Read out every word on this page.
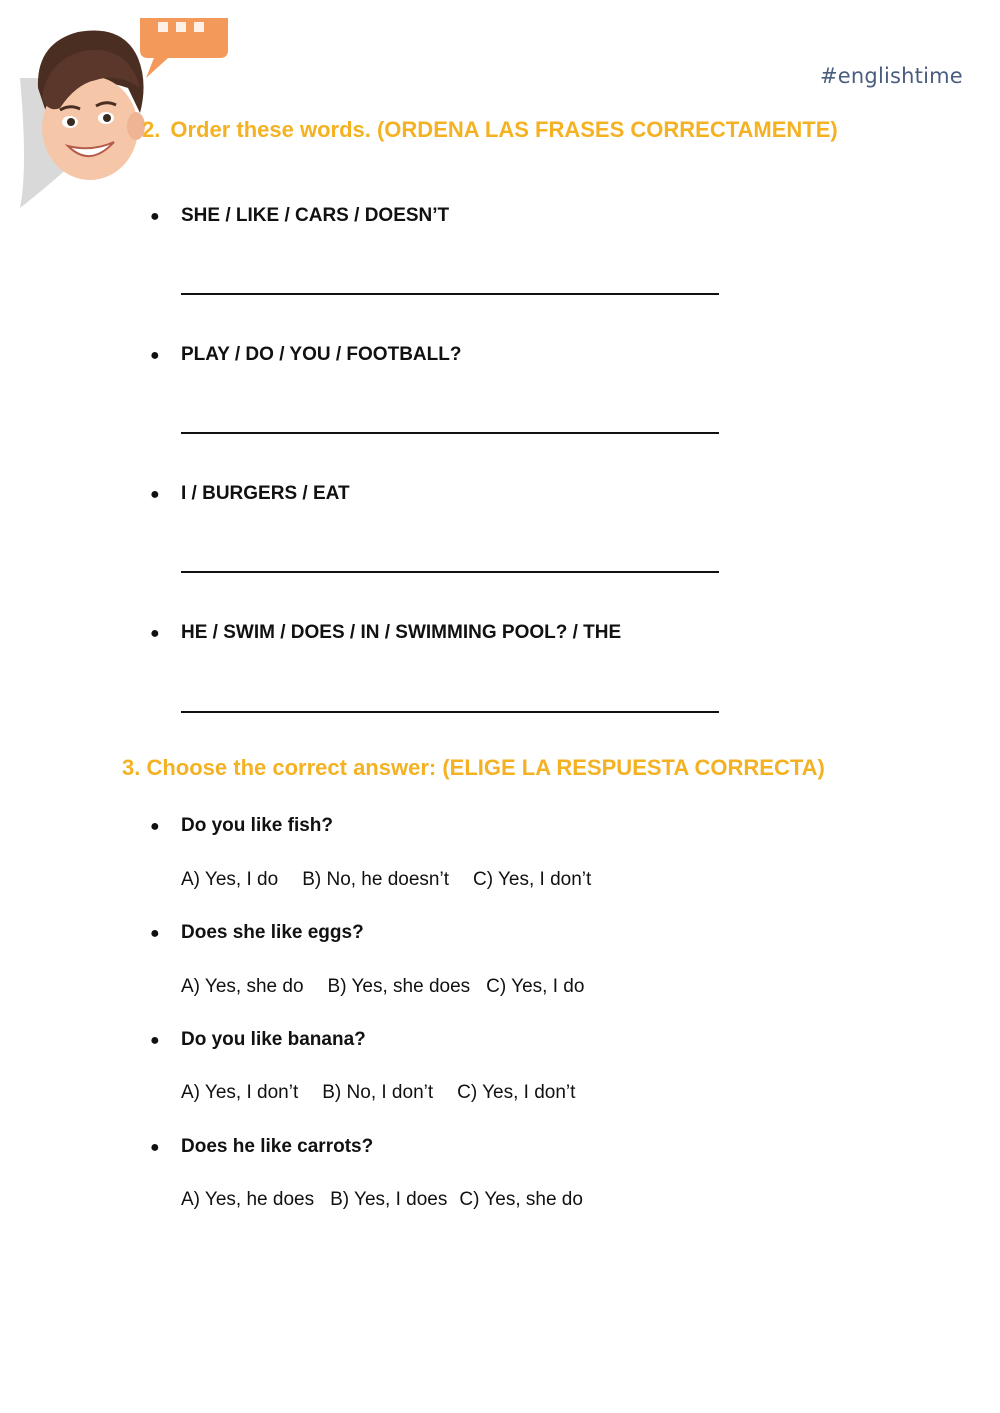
#englishtime
2. Order these words. (ORDENA LAS FRASES CORRECTAMENTE)
● SHE / LIKE / CARS / DOESN’T
● PLAY / DO / YOU / FOOTBALL?
● I / BURGERS / EAT
● HE / SWIM / DOES / IN / SWIMMING POOL? / THE
3. Choose the correct answer: (ELIGE LA RESPUESTA CORRECTA)
● Do you like fish?
A) Yes, I do B) No, he doesn’t C) Yes, I don’t
● Does she like eggs?
A) Yes, she do B) Yes, she does C) Yes, I do
● Do you like banana?
A) Yes, I don’t B) No, I don’t C) Yes, I don’t
● Does he like carrots?
A) Yes, he does B) Yes, I does C) Yes, she do
